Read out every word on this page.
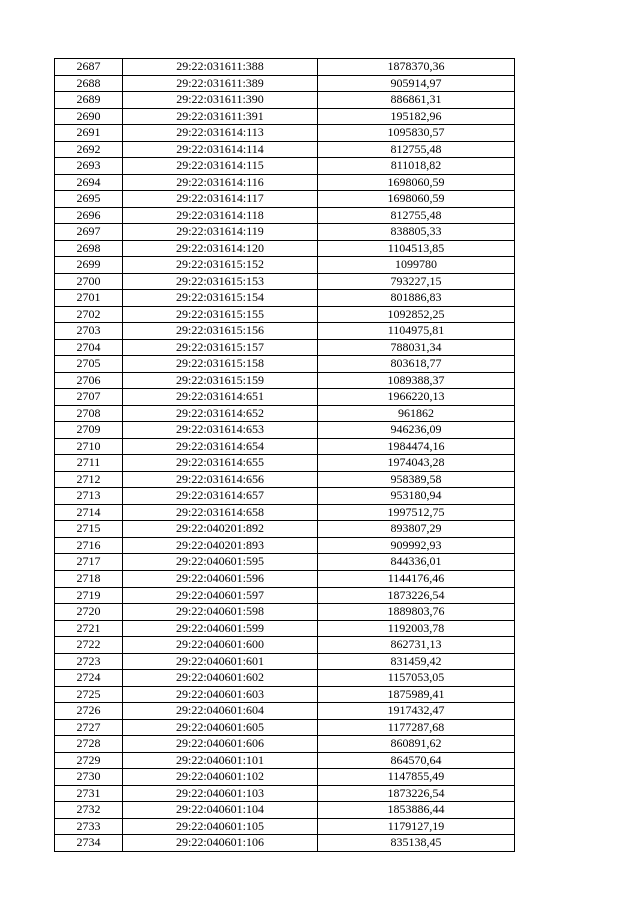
2687	29:22:031611:388	1878370,36
2688	29:22:031611:389	905914,97
2689	29:22:031611:390	886861,31
2690	29:22:031611:391	195182,96
2691	29:22:031614:113	1095830,57
2692	29:22:031614:114	812755,48
2693	29:22:031614:115	811018,82
2694	29:22:031614:116	1698060,59
2695	29:22:031614:117	1698060,59
2696	29:22:031614:118	812755,48
2697	29:22:031614:119	838805,33
2698	29:22:031614:120	1104513,85
2699	29:22:031615:152	1099780
2700	29:22:031615:153	793227,15
2701	29:22:031615:154	801886,83
2702	29:22:031615:155	1092852,25
2703	29:22:031615:156	1104975,81
2704	29:22:031615:157	788031,34
2705	29:22:031615:158	803618,77
2706	29:22:031615:159	1089388,37
2707	29:22:031614:651	1966220,13
2708	29:22:031614:652	961862
2709	29:22:031614:653	946236,09
2710	29:22:031614:654	1984474,16
2711	29:22:031614:655	1974043,28
2712	29:22:031614:656	958389,58
2713	29:22:031614:657	953180,94
2714	29:22:031614:658	1997512,75
2715	29:22:040201:892	893807,29
2716	29:22:040201:893	909992,93
2717	29:22:040601:595	844336,01
2718	29:22:040601:596	1144176,46
2719	29:22:040601:597	1873226,54
2720	29:22:040601:598	1889803,76
2721	29:22:040601:599	1192003,78
2722	29:22:040601:600	862731,13
2723	29:22:040601:601	831459,42
2724	29:22:040601:602	1157053,05
2725	29:22:040601:603	1875989,41
2726	29:22:040601:604	1917432,47
2727	29:22:040601:605	1177287,68
2728	29:22:040601:606	860891,62
2729	29:22:040601:101	864570,64
2730	29:22:040601:102	1147855,49
2731	29:22:040601:103	1873226,54
2732	29:22:040601:104	1853886,44
2733	29:22:040601:105	1179127,19
2734	29:22:040601:106	835138,45
